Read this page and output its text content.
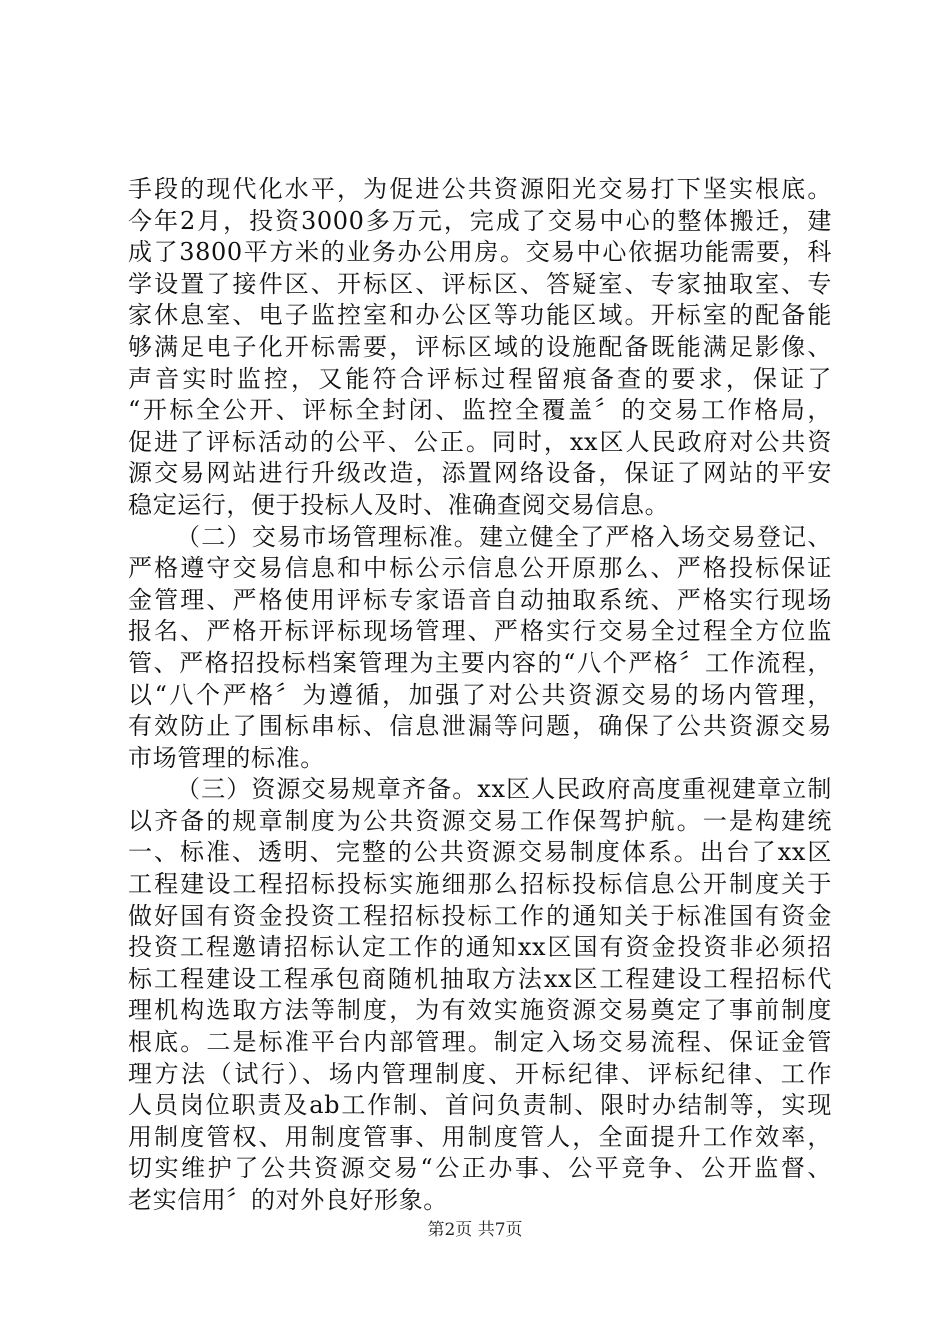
手段的现代化水平，为促进公共资源阳光交易打下坚实根底。
今年2月，投资3000多万元，完成了交易中心的整体搬迁，建
成了3800平方米的业务办公用房。交易中心依据功能需要，科
学设置了接件区、开标区、评标区、答疑室、专家抽取室、专
家休息室、电子监控室和办公区等功能区域。开标室的配备能
够满足电子化开标需要，评标区域的设施配备既能满足影像、
声音实时监控，又能符合评标过程留痕备查的要求，保证了
“开标全公开、评标全封闭、监控全覆盖〞的交易工作格局，
促进了评标活动的公平、公正。同时，xx区人民政府对公共资
源交易网站进行升级改造，添置网络设备，保证了网站的平安
稳定运行，便于投标人及时、准确查阅交易信息。
（二）交易市场管理标准。建立健全了严格入场交易登记、
严格遵守交易信息和中标公示信息公开原那么、严格投标保证
金管理、严格使用评标专家语音自动抽取系统、严格实行现场
报名、严格开标评标现场管理、严格实行交易全过程全方位监
管、严格招投标档案管理为主要内容的“八个严格〞工作流程，
以“八个严格〞为遵循，加强了对公共资源交易的场内管理，
有效防止了围标串标、信息泄漏等问题，确保了公共资源交易
市场管理的标准。
（三）资源交易规章齐备。xx区人民政府高度重视建章立制
以齐备的规章制度为公共资源交易工作保驾护航。一是构建统
一、标准、透明、完整的公共资源交易制度体系。出台了xx区
工程建设工程招标投标实施细那么招标投标信息公开制度关于
做好国有资金投资工程招标投标工作的通知关于标准国有资金
投资工程邀请招标认定工作的通知xx区国有资金投资非必须招
标工程建设工程承包商随机抽取方法xx区工程建设工程招标代
理机构选取方法等制度，为有效实施资源交易奠定了事前制度
根底。二是标准平台内部管理。制定入场交易流程、保证金管
理方法（试行）、场内管理制度、开标纪律、评标纪律、工作
人员岗位职责及ab工作制、首问负责制、限时办结制等，实现
用制度管权、用制度管事、用制度管人，全面提升工作效率，
切实维护了公共资源交易“公正办事、公平竞争、公开监督、
老实信用〞的对外良好形象。
第2页 共7页
